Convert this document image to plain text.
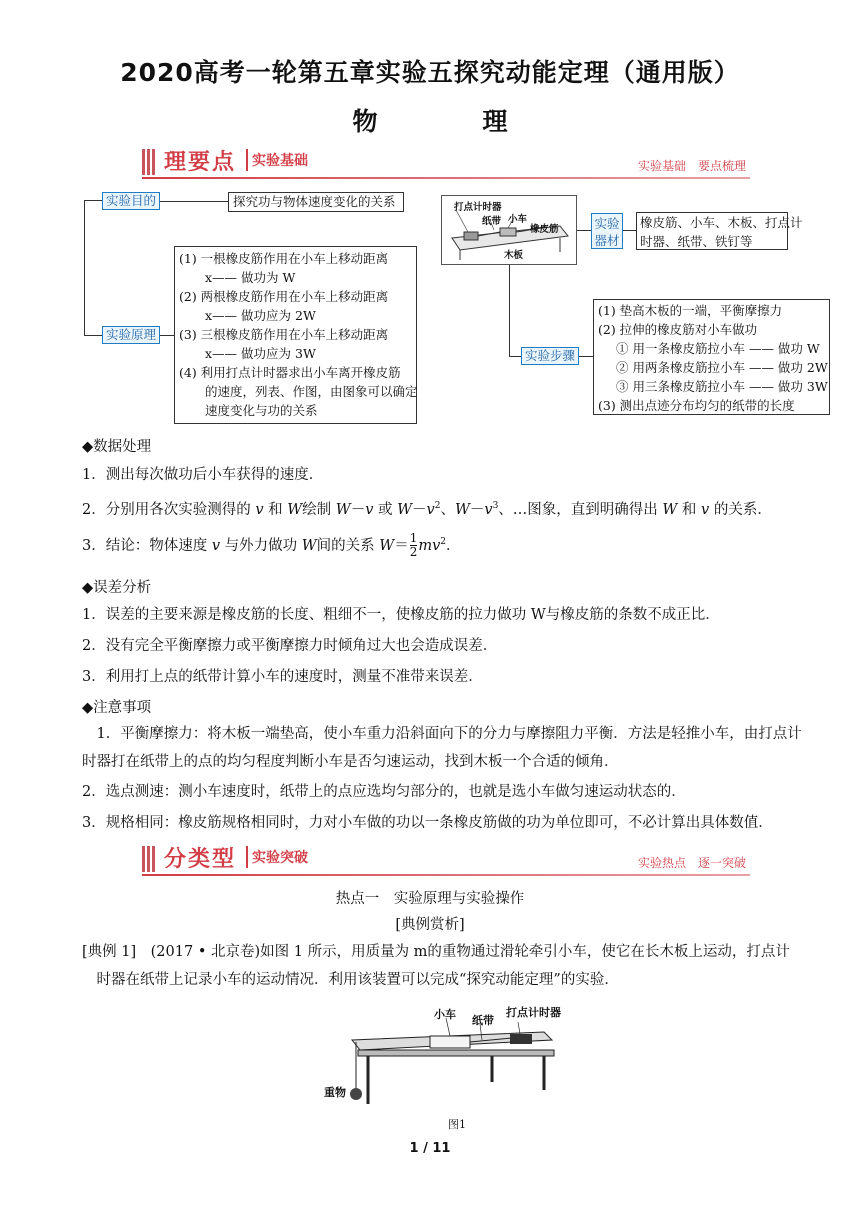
2020高考一轮第五章实验五探究动能定理（通用版）
物　理
理要点 实验基础	实验基础　要点梳理
实验目的	探究功与物体速度变化的关系
实验原理
(1) 一根橡皮筋作用在小车上移动距离
x—— 做功为 W
(2) 两根橡皮筋作用在小车上移动距离
x—— 做功应为 2W
(3) 三根橡皮筋作用在小车上移动距离
x—— 做功应为 3W
(4) 利用打点计时器求出小车离开橡皮筋
的速度，列表、作图，由图象可以确定
速度变化与功的关系
打点计时器
纸带 小车
橡皮筋
木板
实验器材
橡皮筋、小车、木板、打点计
时器、纸带、铁钉等
实验步骤
(1) 垫高木板的一端，平衡摩擦力
(2) 拉伸的橡皮筋对小车做功
① 用一条橡皮筋拉小车 —— 做功 W
② 用两条橡皮筋拉小车 —— 做功 2W
③ 用三条橡皮筋拉小车 —— 做功 3W
(3) 测出点迹分布均匀的纸带的长度
◆数据处理
1．测出每次做功后小车获得的速度．
2．分别用各次实验测得的 v 和 W绘制 W－v 或 $W-v^2$、$W-v^3$、…图象，直到明确得出 W 和 v 的关系．
3．结论：物体速度 v 与外力做功 W间的关系 $W= \frac{1}{2} mv^2$．
◆误差分析
1．误差的主要来源是橡皮筋的长度、粗细不一，使橡皮筋的拉力做功 W与橡皮筋的条数不成正比．
2．没有完全平衡摩擦力或平衡摩擦力时倾角过大也会造成误差．
3．利用打上点的纸带计算小车的速度时，测量不准带来误差．
◆注意事项
1．平衡摩擦力：将木板一端垫高，使小车重力沿斜面向下的分力与摩擦阻力平衡．方法是轻推小车，由打点计时器打在纸带上的点的均匀程度判断小车是否匀速运动，找到木板一个合适的倾角．
2．选点测速：测小车速度时，纸带上的点应选均匀部分的，也就是选小车做匀速运动状态的．
3．规格相同：橡皮筋规格相同时，力对小车做的功以一条橡皮筋做的功为单位即可，不必计算出具体数值．
分类型 实验突破	实验热点　逐一突破
热点一　实验原理与实验操作
[典例赏析]
[典例 1]　(2017 • 北京卷)如图 1 所示，用质量为 m的重物通过滑轮牵引小车，使它在长木板上运动，打点计时器在纸带上记录小车的运动情况．利用该装置可以完成“探究动能定理”的实验．
小车 纸带
打点计时器
重物
图1
1 / 11
